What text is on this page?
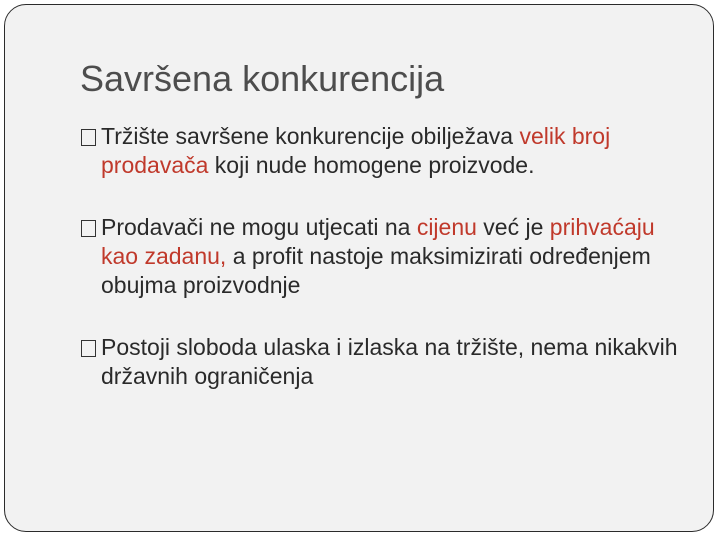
Savršena konkurencija
Tržište savršene konkurencije obilježava velik broj prodavača koji nude homogene proizvode.
Prodavači ne mogu utjecati na cijenu već je prihvaćaju kao zadanu, a profit nastoje maksimizirati određenjem obujma proizvodnje
Postoji sloboda ulaska i izlaska na tržište, nema nikakvih državnih ograničenja
